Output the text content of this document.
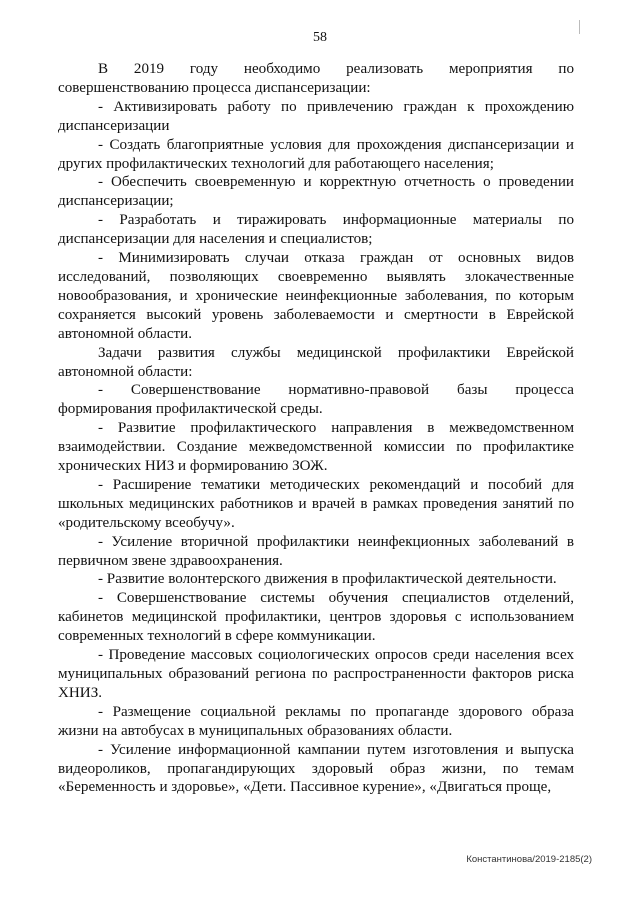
58

В 2019 году необходимо реализовать мероприятия по совершенствованию процесса диспансеризации:

- Активизировать работу по привлечению граждан к прохождению диспансеризации

- Создать благоприятные условия для прохождения диспансеризации и других профилактических технологий для работающего населения;

- Обеспечить своевременную и корректную отчетность о проведении диспансеризации;

- Разработать и тиражировать информационные материалы по диспансеризации для населения и специалистов;

- Минимизировать случаи отказа граждан от основных видов исследований, позволяющих своевременно выявлять злокачественные новообразования, и хронические неинфекционные заболевания, по которым сохраняется высокий уровень заболеваемости и смертности в Еврейской автономной области.

Задачи развития службы медицинской профилактики Еврейской автономной области:

- Совершенствование нормативно-правовой базы процесса формирования профилактической среды.

- Развитие профилактического направления в межведомственном взаимодействии. Создание межведомственной комиссии по профилактике хронических НИЗ и формированию ЗОЖ.

- Расширение тематики методических рекомендаций и пособий для школьных медицинских работников и врачей в рамках проведения занятий по «родительскому всеобучу».

- Усиление вторичной профилактики неинфекционных заболеваний в первичном звене здравоохранения.

- Развитие волонтерского движения в профилактической деятельности.

- Совершенствование системы обучения специалистов отделений, кабинетов медицинской профилактики, центров здоровья с использованием современных технологий в сфере коммуникации.

- Проведение массовых социологических опросов среди населения всех муниципальных образований региона по распространенности факторов риска ХНИЗ.

- Размещение социальной рекламы по пропаганде здорового образа жизни на автобусах в муниципальных образованиях области.

- Усиление информационной кампании путем изготовления и выпуска видеороликов, пропагандирующих здоровый образ жизни, по темам «Беременность и здоровье», «Дети. Пассивное курение», «Двигаться проще,

Константинова/2019-2185(2)
